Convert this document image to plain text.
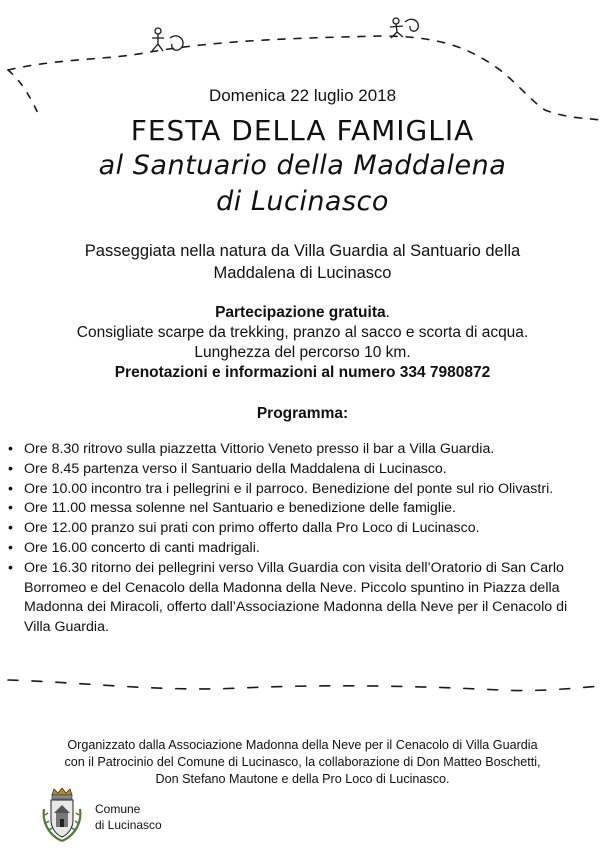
Domenica 22 luglio 2018
FESTA DELLA FAMIGLIA
al Santuario della Maddalena
di Lucinasco
Passeggiata nella natura da Villa Guardia al Santuario della
Maddalena di Lucinasco
Partecipazione gratuita.
Consigliate scarpe da trekking, pranzo al sacco e scorta di acqua.
Lunghezza del percorso 10 km.
Prenotazioni e informazioni al numero 334 7980872
Programma:
• Ore 8.30 ritrovo sulla piazzetta Vittorio Veneto presso il bar a Villa Guardia.
• Ore 8.45 partenza verso il Santuario della Maddalena di Lucinasco.
• Ore 10.00 incontro tra i pellegrini e il parroco. Benedizione del ponte sul rio Olivastri.
• Ore 11.00 messa solenne nel Santuario e benedizione delle famiglie.
• Ore 12.00 pranzo sui prati con primo offerto dalla Pro Loco di Lucinasco.
• Ore 16.00 concerto di canti madrigali.
• Ore 16.30 ritorno dei pellegrini verso Villa Guardia con visita dell’Oratorio di San Carlo Borromeo e del Cenacolo della Madonna della Neve. Piccolo spuntino in Piazza della Madonna dei Miracoli, offerto dall’Associazione Madonna della Neve per il Cenacolo di Villa Guardia.
Organizzato dalla Associazione Madonna della Neve per il Cenacolo di Villa Guardia
con il Patrocinio del Comune di Lucinasco, la collaborazione di Don Matteo Boschetti,
Don Stefano Mautone e della Pro Loco di Lucinasco.
Comune
di Lucinasco
